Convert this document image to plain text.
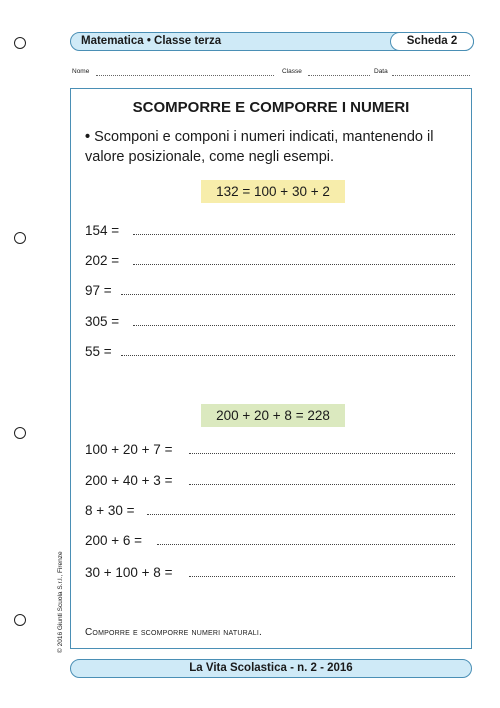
Matematica • Classe terza	Scheda 2
Nome	Classe	Data
SCOMPORRE E COMPORRE I NUMERI
• Scomponi e componi i numeri indicati, mantenendo il valore posizionale, come negli esempi.
132 = 100 + 30 + 2
154 =
202 =
97 =
305 =
55 =
200 + 20 + 8 = 228
100 + 20 + 7 =
200 + 40 + 3 =
8 + 30 =
200 + 6 =
30 + 100 + 8 =
Comporre e scomporre numeri naturali.
© 2016 Giunti Scuola S.r.l., Firenze
La Vita Scolastica - n. 2 - 2016
